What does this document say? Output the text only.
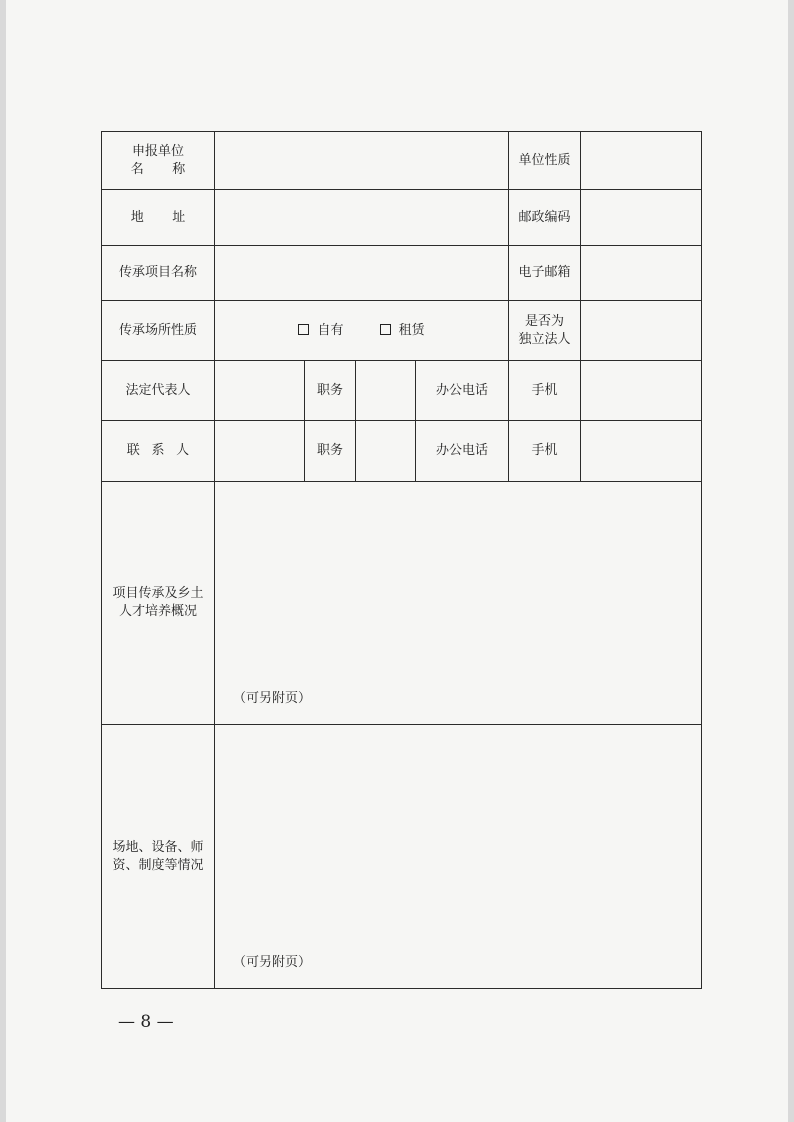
申报单位
名称					单位性质	
地址					邮政编码	
传承项目名称					电子邮箱	
传承场所性质	自有 租赁				是否为
独立法人	

法定代表人		职务		办公电话	手机	
联系人		职务		办公电话	手机	

项目传承及乡土人才培养概况	（可另附页）					

场地、设备、师资、制度等情况	（可另附页）					
— 8 —
